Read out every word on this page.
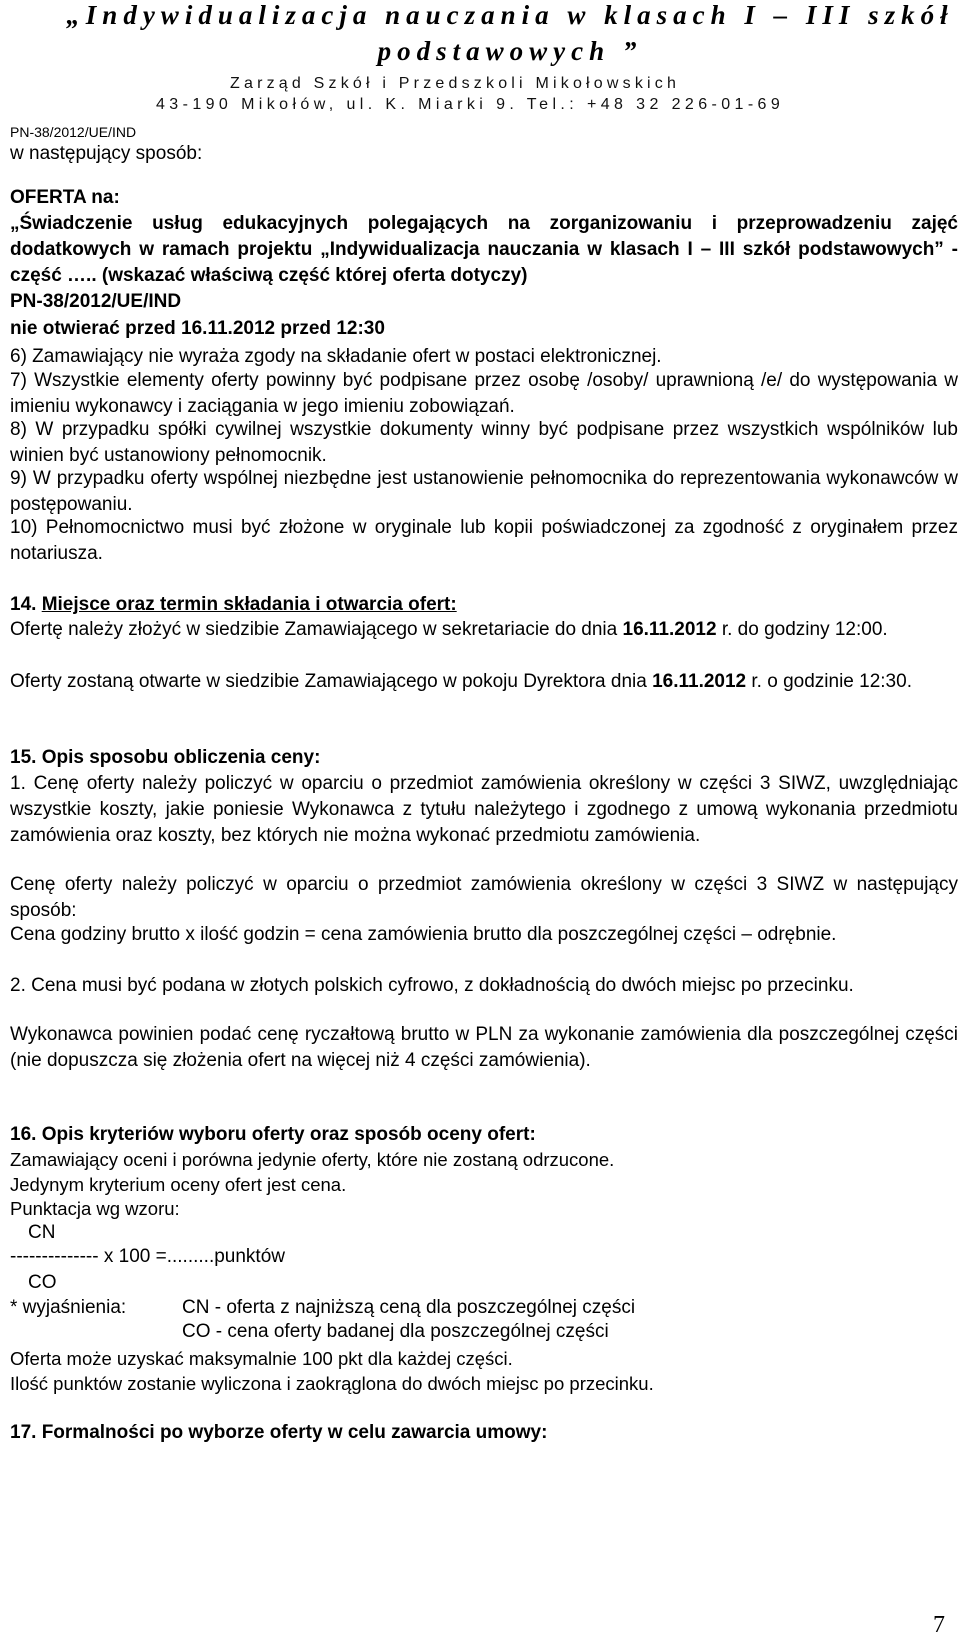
„Indywidualizacja nauczania w klasach I – III szkół
podstawowych ”
Zarząd Szkół i Przedszkoli Mikołowskich
43-190 Mikołów, ul. K. Miarki 9. Tel.: +48 32 226-01-69
PN-38/2012/UE/IND
w następujący sposób:
OFERTA na:
„Świadczenie usług edukacyjnych polegających na zorganizowaniu i przeprowadzeniu zajęć dodatkowych w ramach projektu „Indywidualizacja nauczania w klasach I – III szkół podstawowych” - część ….. (wskazać właściwą część której oferta dotyczy)
PN-38/2012/UE/IND
nie otwierać przed 16.11.2012 przed 12:30
6) Zamawiający nie wyraża zgody na składanie ofert w postaci elektronicznej.
7) Wszystkie elementy oferty powinny być podpisane przez osobę /osoby/ uprawnioną /e/ do występowania w imieniu wykonawcy i zaciągania w jego imieniu zobowiązań.
8) W przypadku spółki cywilnej wszystkie dokumenty winny być podpisane przez wszystkich wspólników lub winien być ustanowiony pełnomocnik.
9) W przypadku oferty wspólnej niezbędne jest ustanowienie pełnomocnika do reprezentowania wykonawców w postępowaniu.
10) Pełnomocnictwo musi być złożone w oryginale lub kopii poświadczonej za zgodność z oryginałem przez notariusza.
14. Miejsce oraz termin składania i otwarcia ofert:
Ofertę należy złożyć w siedzibie Zamawiającego w sekretariacie do dnia 16.11.2012 r. do godziny 12:00.
Oferty zostaną otwarte w siedzibie Zamawiającego w pokoju Dyrektora dnia 16.11.2012 r. o godzinie 12:30.
15. Opis sposobu obliczenia ceny:
1. Cenę oferty należy policzyć w oparciu o przedmiot zamówienia określony w części 3 SIWZ, uwzględniając wszystkie koszty, jakie poniesie Wykonawca z tytułu należytego i zgodnego z umową wykonania przedmiotu zamówienia oraz koszty, bez których nie można wykonać przedmiotu zamówienia.
Cenę oferty należy policzyć w oparciu o przedmiot zamówienia określony w części 3 SIWZ w następujący sposób:
Cena godziny brutto x ilość godzin = cena zamówienia brutto dla poszczególnej części – odrębnie.
2. Cena musi być podana w złotych polskich cyfrowo, z dokładnością do dwóch miejsc po przecinku.
Wykonawca powinien podać cenę ryczałtową brutto w PLN za wykonanie zamówienia dla poszczególnej części (nie dopuszcza się złożenia ofert na więcej niż 4 części zamówienia).
16. Opis kryteriów wyboru oferty oraz sposób oceny ofert:
Zamawiający oceni i porówna jedynie oferty, które nie zostaną odrzucone.
Jedynym kryterium oceny ofert jest cena.
Punktacja wg wzoru:
CN
-------------- x 100 =.........punktów
CO
* wyjaśnienia:	CN - oferta z najniższą ceną dla poszczególnej części
CO - cena oferty badanej dla poszczególnej części
Oferta może uzyskać maksymalnie 100 pkt dla każdej części.
Ilość punktów zostanie wyliczona i zaokrąglona do dwóch miejsc po przecinku.
17. Formalności po wyborze oferty w celu zawarcia umowy:
7
